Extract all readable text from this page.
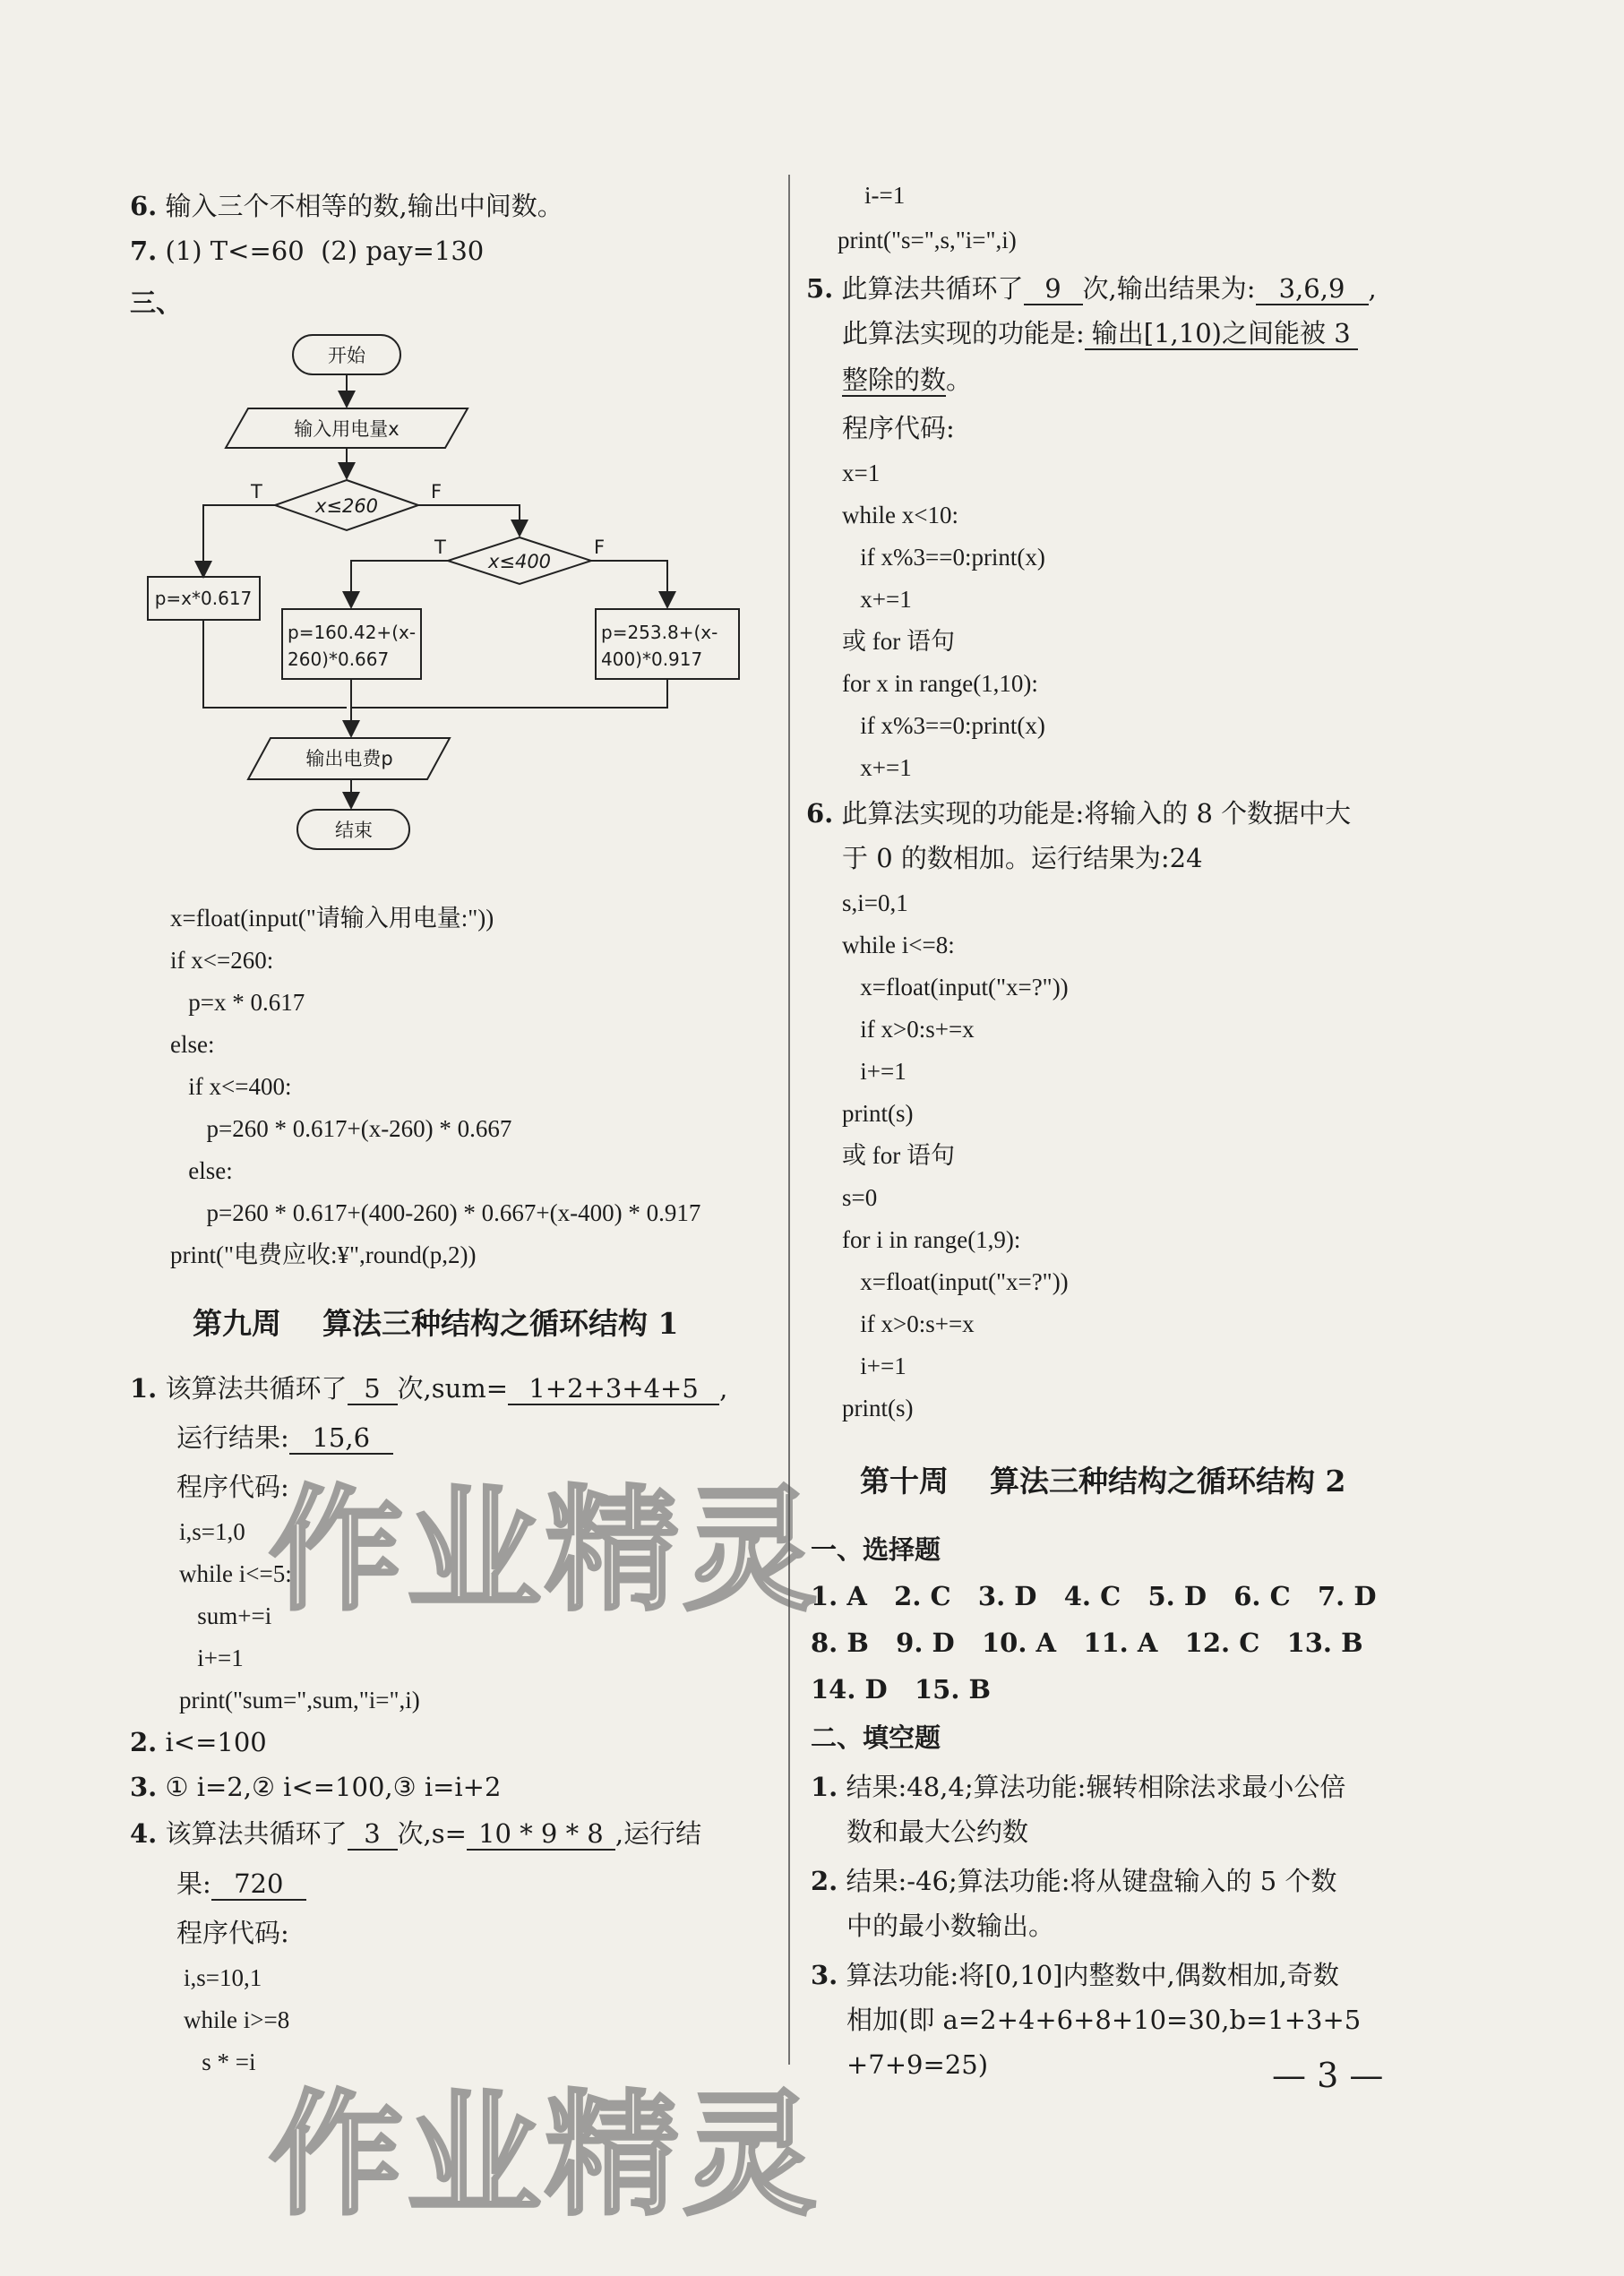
6. 输入三个不相等的数,输出中间数。
7. (1) T<=60  (2) pay=130
三、
开始
输入用电量x
x≤260
T	F
x≤400
T	F
p=x*0.617
p=160.42+(x-
260)*0.667
p=253.8+(x-
400)*0.917
输出电费p
结束
x=float(input("请输入用电量:"))
if x<=260:
p=x * 0.617
else:
if x<=400:
p=260 * 0.617+(x-260) * 0.667
else:
p=260 * 0.617+(400-260) * 0.667+(x-400) * 0.917
print("电费应收:¥",round(p,2))
第九周    算法三种结构之循环结构 1
1. 该算法共循环了 5 次,sum= 1+2+3+4+5 ,
运行结果: 15,6
程序代码:
i,s=1,0
while i<=5:
sum+=i
i+=1
print("sum=",sum,"i=",i)
2. i<=100
3. ① i=2,② i<=100,③ i=i+2
4. 该算法共循环了 3 次,s= 10 * 9 * 8 ,运行结
果: 720
程序代码:
i,s=10,1
while i>=8
s * =i
i-=1
print("s=",s,"i=",i)
5. 此算法共循环了 9 次,输出结果为: 3,6,9 ,
此算法实现的功能是: 输出[1,10)之间能被 3
整除的数。
程序代码:
x=1
while x<10:
if x%3==0:print(x)
x+=1
或 for 语句
for x in range(1,10):
if x%3==0:print(x)
x+=1
6. 此算法实现的功能是:将输入的 8 个数据中大
于 0 的数相加。运行结果为:24
s,i=0,1
while i<=8:
x=float(input("x=?"))
if x>0:s+=x
i+=1
print(s)
或 for 语句
s=0
for i in range(1,9):
x=float(input("x=?"))
if x>0:s+=x
i+=1
print(s)
第十周    算法三种结构之循环结构 2
一、选择题
1. A   2. C   3. D   4. C   5. D   6. C   7. D
8. B   9. D   10. A   11. A   12. C   13. B
14. D   15. B
二、填空题
1. 结果:48,4;算法功能:辗转相除法求最小公倍
数和最大公约数
2. 结果:-46;算法功能:将从键盘输入的 5 个数
中的最小数输出。
3. 算法功能:将[0,10]内整数中,偶数相加,奇数
相加(即 a=2+4+6+8+10=30,b=1+3+5
+7+9=25)
作业精灵
作业精灵
— 3 —
